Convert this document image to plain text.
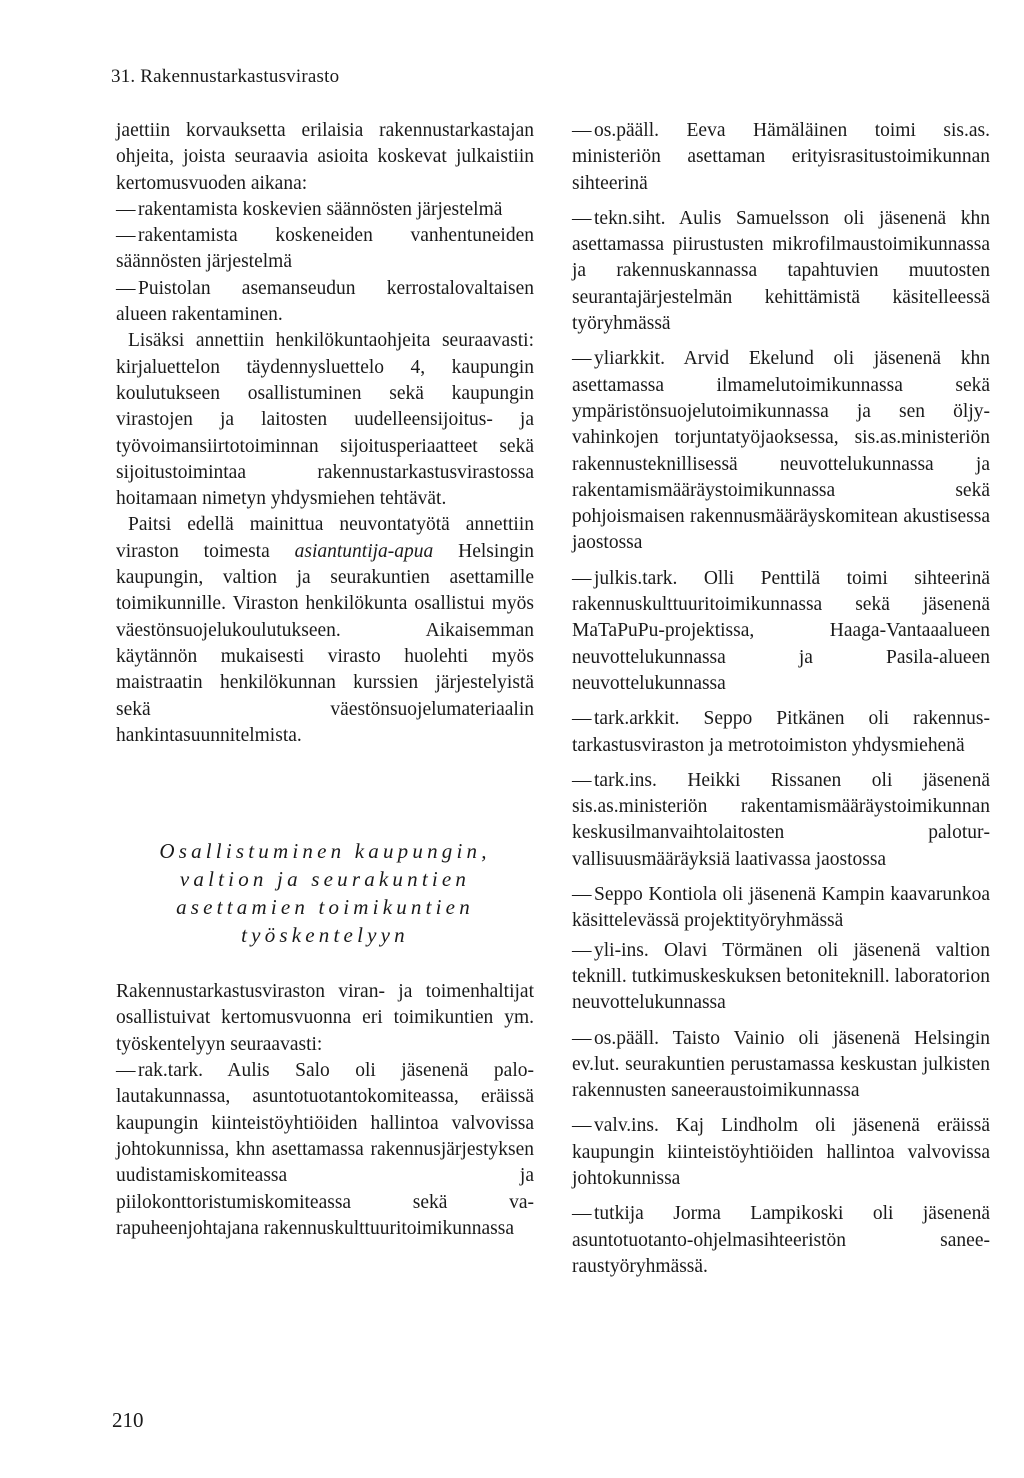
31. Rakennustarkastusvirasto

jaettiin korvauksetta erilaisia rakennustarkastajan ohjeita, joista seuraavia asioita koskevat julkaistiin kertomusvuoden aikana:

— rakentamista koskevien säännösten järjestelmä

— rakentamista koskeneiden vanhentuneiden säännösten järjestelmä

— Puistolan asemanseudun kerrostalovaltaisen alueen rakentaminen.

Lisäksi annettiin henkilökuntaohjeita seuraavasti: kirjaluettelon täydennysluettelo 4, kaupungin koulutukseen osallistuminen sekä kaupungin virastojen ja laitosten uudelleensijoitus- ja työvoimansiirtotoiminnan sijoitusperiaatteet sekä sijoitustoimintaa rakennustarkastusvirastossa hoitamaan nimetyn yhdysmiehen tehtävät.

Paitsi edellä mainittua neuvontatyötä annettiin viraston toimesta asiantuntija-apua Helsingin kaupungin, valtion ja seurakuntien asettamille toimikunnille. Viraston henkilökunta osallistui myös väestönsuojelukoulutukseen. Aikaisemman käytännön mukaisesti virasto huolehti myös maistraatin henkilökunnan kurssien järjestelyistä sekä väestönsuojelumateriaalin hankintasuunnitelmista.

Osallistuminen kaupungin,
valtion ja seurakuntien
asettamien toimikuntien
työskentelyyn

Rakennustarkastusviraston viran- ja toimenhaltijat osallistuivat kertomusvuonna eri toimikuntien ym. työskentelyyn seuraavasti:

— rak.tark. Aulis Salo oli jäsenenä palolautakunnassa, asuntotuotantokomiteassa, eräissä kaupungin kiinteistöyhtiöiden hallintoa valvovissa johtokunnissa, khn asettamassa rakennusjärjestyksen uudistamiskomiteassa ja piilokonttoristumiskomiteassa sekä varapuheenjohtajana rakennuskulttuuritoimikunnassa

— os.pääll. Eeva Hämäläinen toimi sis.as. ministeriön asettaman erityisrasitustoimikunnan sihteerinä

— tekn.siht. Aulis Samuelsson oli jäsenenä khn asettamassa piirustusten mikrofilmaustoimikunnassa ja rakennuskannassa tapahtuvien muutosten seurantajärjestelmän kehittämistä käsitelleessä työryhmässä

— yliarkkit. Arvid Ekelund oli jäsenenä khn asettamassa ilmamelutoimikunnassa sekä ympäristönsuojelutoimikunnassa ja sen öljyvahinkojen torjuntatyöjaoksessa, sis.as.ministeriön rakennusteknillisessä neuvottelukunnassa ja rakentamismääräystoimikunnassa sekä pohjoismaisen rakennusmääräyskomitean akustisessa jaostossa

— julkis.tark. Olli Penttilä toimi sihteerinä rakennuskulttuuritoimikunnassa sekä jäsenenä MaTaPuPu-projektissa, Haaga-Vantaaalueen neuvottelukunnassa ja Pasila-alueen neuvottelukunnassa

— tark.arkkit. Seppo Pitkänen oli rakennustarkastusviraston ja metrotoimiston yhdysmiehenä

— tark.ins. Heikki Rissanen oli jäsenenä sis.as.ministeriön rakentamismääräystoimikunnan keskusilmanvaihtolaitosten paloturvallisuusmääräyksiä laativassa jaostossa

— Seppo Kontiola oli jäsenenä Kampin kaavarunkoa käsittelevässä projektityöryhmässä

— yli-ins. Olavi Törmänen oli jäsenenä valtion teknill. tutkimuskeskuksen betoniteknill. laboratorion neuvottelukunnassa

— os.pääll. Taisto Vainio oli jäsenenä Helsingin ev.lut. seurakuntien perustamassa keskustan julkisten rakennusten saneeraustoimikunnassa

— valv.ins. Kaj Lindholm oli jäsenenä eräissä kaupungin kiinteistöyhtiöiden hallintoa valvovissa johtokunnissa

— tutkija Jorma Lampikoski oli jäsenenä asuntotuotanto-ohjelmasihteeristön saneeraustyöryhmässä.

210
